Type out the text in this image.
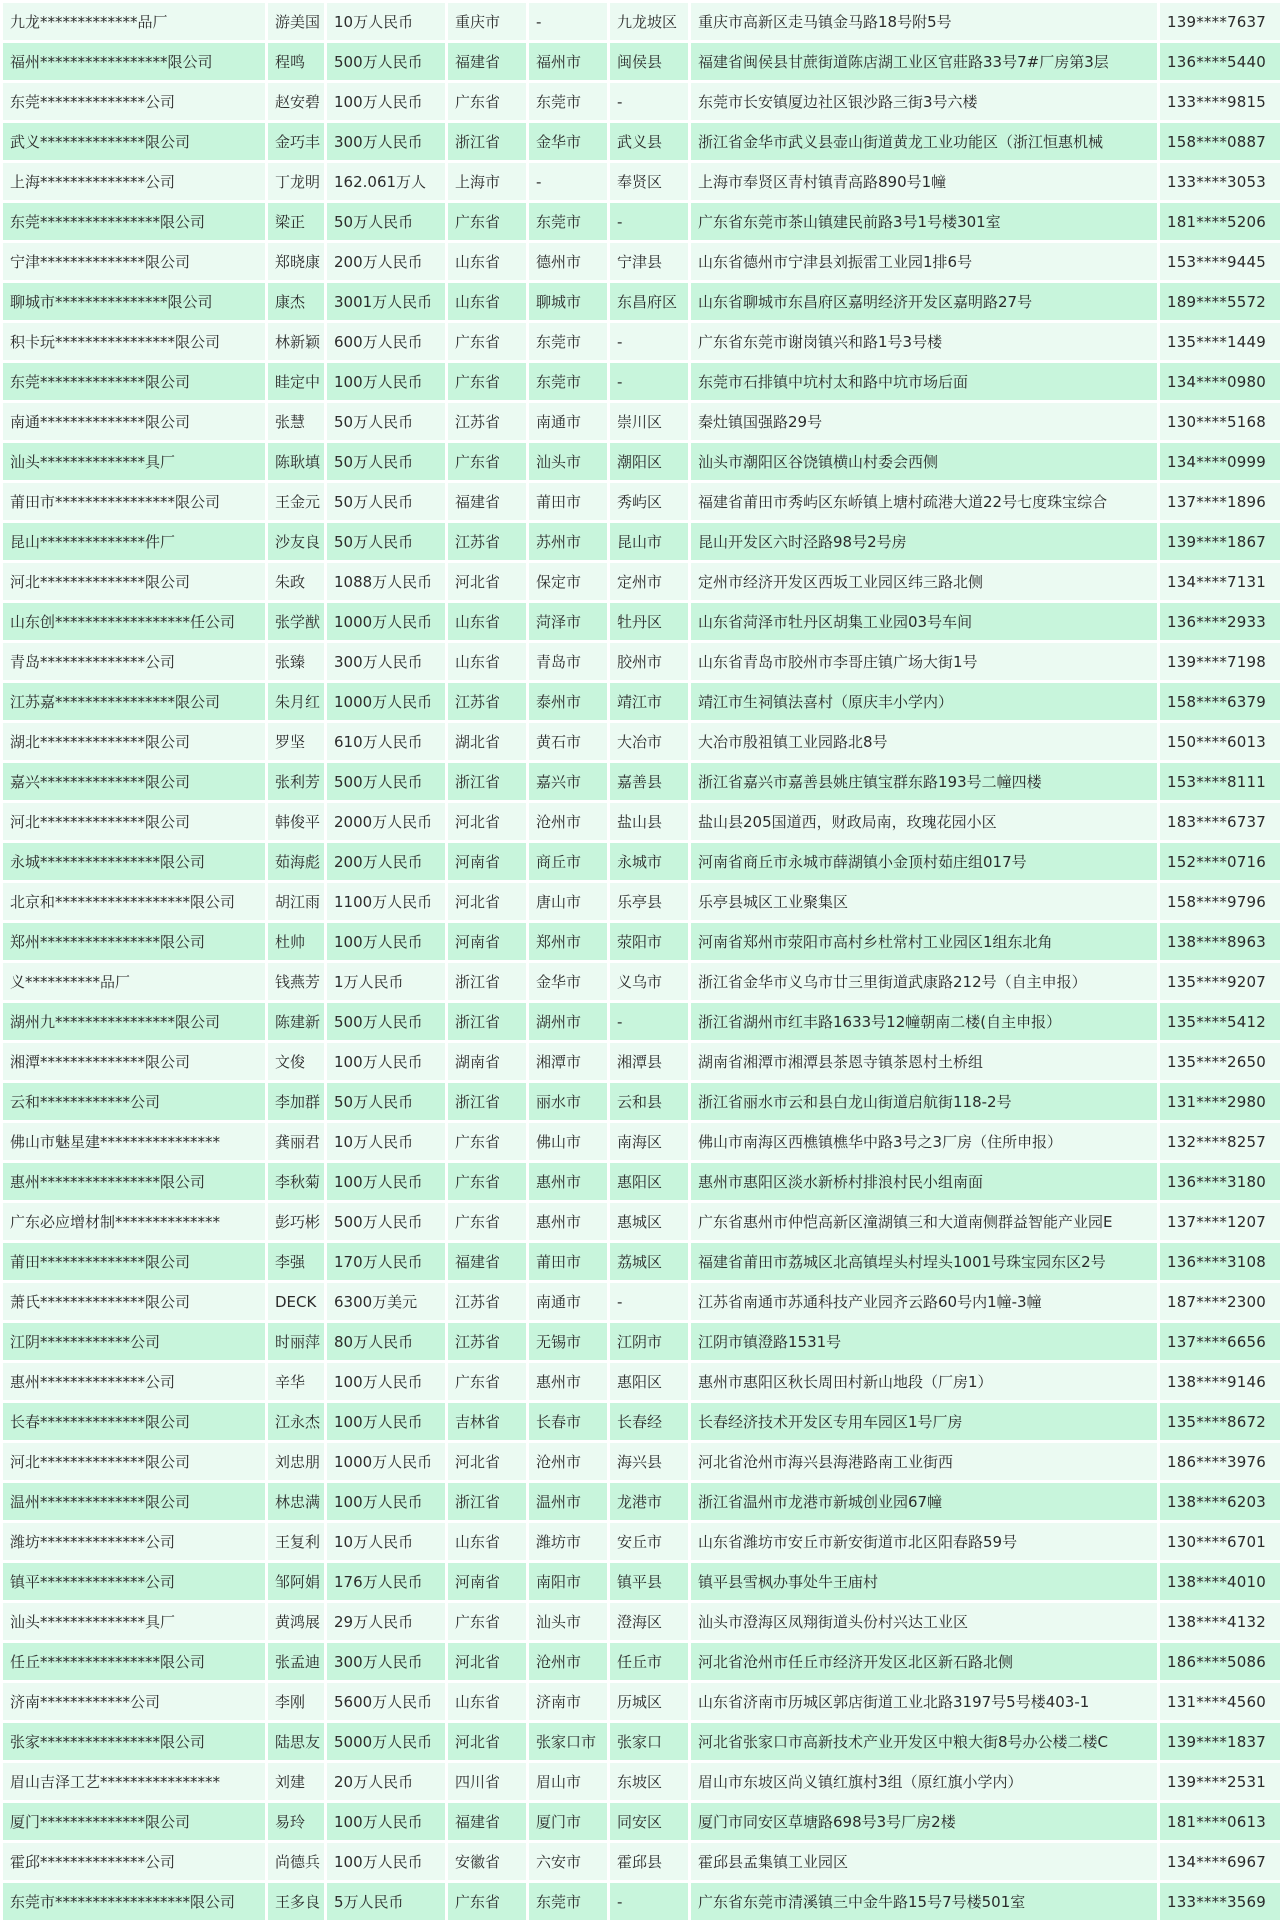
九龙*************品厂	游美国	10万人民币	重庆市	-	九龙坡区	重庆市高新区走马镇金马路18号附5号	139****7637
福州*****************限公司	程鸣	500万人民币	福建省	福州市	闽侯县	福建省闽侯县甘蔗街道陈店湖工业区官莊路33号7#厂房第3层	136****5440
东莞**************公司	赵安碧	100万人民币	广东省	东莞市	-	东莞市长安镇厦边社区银沙路三街3号六楼	133****9815
武义**************限公司	金巧丰	300万人民币	浙江省	金华市	武义县	浙江省金华市武义县壶山街道黄龙工业功能区（浙江恒惠机械	158****0887
上海**************公司	丁龙明	162.061万人	上海市	-	奉贤区	上海市奉贤区青村镇青高路890号1幢	133****3053
东莞****************限公司	梁正	50万人民币	广东省	东莞市	-	广东省东莞市茶山镇建民前路3号1号楼301室	181****5206
宁津**************限公司	郑晓康	200万人民币	山东省	德州市	宁津县	山东省德州市宁津县刘振雷工业园1排6号	153****9445
聊城市***************限公司	康杰	3001万人民币	山东省	聊城市	东昌府区	山东省聊城市东昌府区嘉明经济开发区嘉明路27号	189****5572
积卡玩****************限公司	林新颖	600万人民币	广东省	东莞市	-	广东省东莞市谢岗镇兴和路1号3号楼	135****1449
东莞**************限公司	眭定中	100万人民币	广东省	东莞市	-	东莞市石排镇中坑村太和路中坑市场后面	134****0980
南通**************限公司	张慧	50万人民币	江苏省	南通市	崇川区	秦灶镇国强路29号	130****5168
汕头**************具厂	陈耿填	50万人民币	广东省	汕头市	潮阳区	汕头市潮阳区谷饶镇横山村委会西侧	134****0999
莆田市****************限公司	王金元	50万人民币	福建省	莆田市	秀屿区	福建省莆田市秀屿区东峤镇上塘村疏港大道22号七度珠宝综合	137****1896
昆山**************件厂	沙友良	50万人民币	江苏省	苏州市	昆山市	昆山开发区六时泾路98号2号房	139****1867
河北**************限公司	朱政	1088万人民币	河北省	保定市	定州市	定州市经济开发区西坂工业园区纬三路北侧	134****7131
山东创******************任公司	张学猷	1000万人民币	山东省	菏泽市	牡丹区	山东省菏泽市牡丹区胡集工业园03号车间	136****2933
青岛**************公司	张臻	300万人民币	山东省	青岛市	胶州市	山东省青岛市胶州市李哥庄镇广场大街1号	139****7198
江苏嘉****************限公司	朱月红	1000万人民币	江苏省	泰州市	靖江市	靖江市生祠镇法喜村（原庆丰小学内）	158****6379
湖北**************限公司	罗坚	610万人民币	湖北省	黄石市	大冶市	大冶市殷祖镇工业园路北8号	150****6013
嘉兴**************限公司	张利芳	500万人民币	浙江省	嘉兴市	嘉善县	浙江省嘉兴市嘉善县姚庄镇宝群东路193号二幢四楼	153****8111
河北**************限公司	韩俊平	2000万人民币	河北省	沧州市	盐山县	盐山县205国道西，财政局南，玫瑰花园小区	183****6737
永城****************限公司	茹海彪	200万人民币	河南省	商丘市	永城市	河南省商丘市永城市薛湖镇小金顶村茹庄组017号	152****0716
北京和******************限公司	胡江雨	1100万人民币	河北省	唐山市	乐亭县	乐亭县城区工业聚集区	158****9796
郑州****************限公司	杜帅	100万人民币	河南省	郑州市	荥阳市	河南省郑州市荥阳市高村乡杜常村工业园区1组东北角	138****8963
义**********品厂	钱燕芳	1万人民币	浙江省	金华市	义乌市	浙江省金华市义乌市廿三里街道武康路212号（自主申报）	135****9207
湖州九****************限公司	陈建新	500万人民币	浙江省	湖州市	-	浙江省湖州市红丰路1633号12幢朝南二楼(自主申报）	135****5412
湘潭**************限公司	文俊	100万人民币	湖南省	湘潭市	湘潭县	湖南省湘潭市湘潭县茶恩寺镇茶恩村土桥组	135****2650
云和************公司	李加群	50万人民币	浙江省	丽水市	云和县	浙江省丽水市云和县白龙山街道启航街118-2号	131****2980
佛山市魅星建****************	龚丽君	10万人民币	广东省	佛山市	南海区	佛山市南海区西樵镇樵华中路3号之3厂房（住所申报）	132****8257
惠州****************限公司	李秋菊	100万人民币	广东省	惠州市	惠阳区	惠州市惠阳区淡水新桥村排浪村民小组南面	136****3180
广东必应增材制**************	彭巧彬	500万人民币	广东省	惠州市	惠城区	广东省惠州市仲恺高新区潼湖镇三和大道南侧群益智能产业园E	137****1207
莆田**************限公司	李强	170万人民币	福建省	莆田市	荔城区	福建省莆田市荔城区北高镇埕头村埕头1001号珠宝园东区2号	136****3108
萧氏**************限公司	DECK	6300万美元	江苏省	南通市	-	江苏省南通市苏通科技产业园齐云路60号内1幢-3幢	187****2300
江阴************公司	时丽萍	80万人民币	江苏省	无锡市	江阴市	江阴市镇澄路1531号	137****6656
惠州**************公司	辛华	100万人民币	广东省	惠州市	惠阳区	惠州市惠阳区秋长周田村新山地段（厂房1）	138****9146
长春**************限公司	江永杰	100万人民币	吉林省	长春市	长春经	长春经济技术开发区专用车园区1号厂房	135****8672
河北**************限公司	刘忠朋	1000万人民币	河北省	沧州市	海兴县	河北省沧州市海兴县海港路南工业街西	186****3976
温州**************限公司	林忠满	100万人民币	浙江省	温州市	龙港市	浙江省温州市龙港市新城创业园67幢	138****6203
潍坊**************公司	王复利	10万人民币	山东省	潍坊市	安丘市	山东省潍坊市安丘市新安街道市北区阳春路59号	130****6701
镇平**************公司	邹阿娟	176万人民币	河南省	南阳市	镇平县	镇平县雪枫办事处牛王庙村	138****4010
汕头**************具厂	黄鸿展	29万人民币	广东省	汕头市	澄海区	汕头市澄海区凤翔街道头份村兴达工业区	138****4132
任丘****************限公司	张孟迪	300万人民币	河北省	沧州市	任丘市	河北省沧州市任丘市经济开发区北区新石路北侧	186****5086
济南************公司	李刚	5600万人民币	山东省	济南市	历城区	山东省济南市历城区郭店街道工业北路3197号5号楼403-1	131****4560
张家****************限公司	陆思友	5000万人民币	河北省	张家口市	张家口	河北省张家口市高新技术产业开发区中粮大街8号办公楼二楼C	139****1837
眉山吉泽工艺****************	刘建	20万人民币	四川省	眉山市	东坡区	眉山市东坡区尚义镇红旗村3组（原红旗小学内）	139****2531
厦门**************限公司	易玲	100万人民币	福建省	厦门市	同安区	厦门市同安区草塘路698号3号厂房2楼	181****0613
霍邱**************公司	尚德兵	100万人民币	安徽省	六安市	霍邱县	霍邱县孟集镇工业园区	134****6967
东莞市******************限公司	王多良	5万人民币	广东省	东莞市	-	广东省东莞市清溪镇三中金牛路15号7号楼501室	133****3569
